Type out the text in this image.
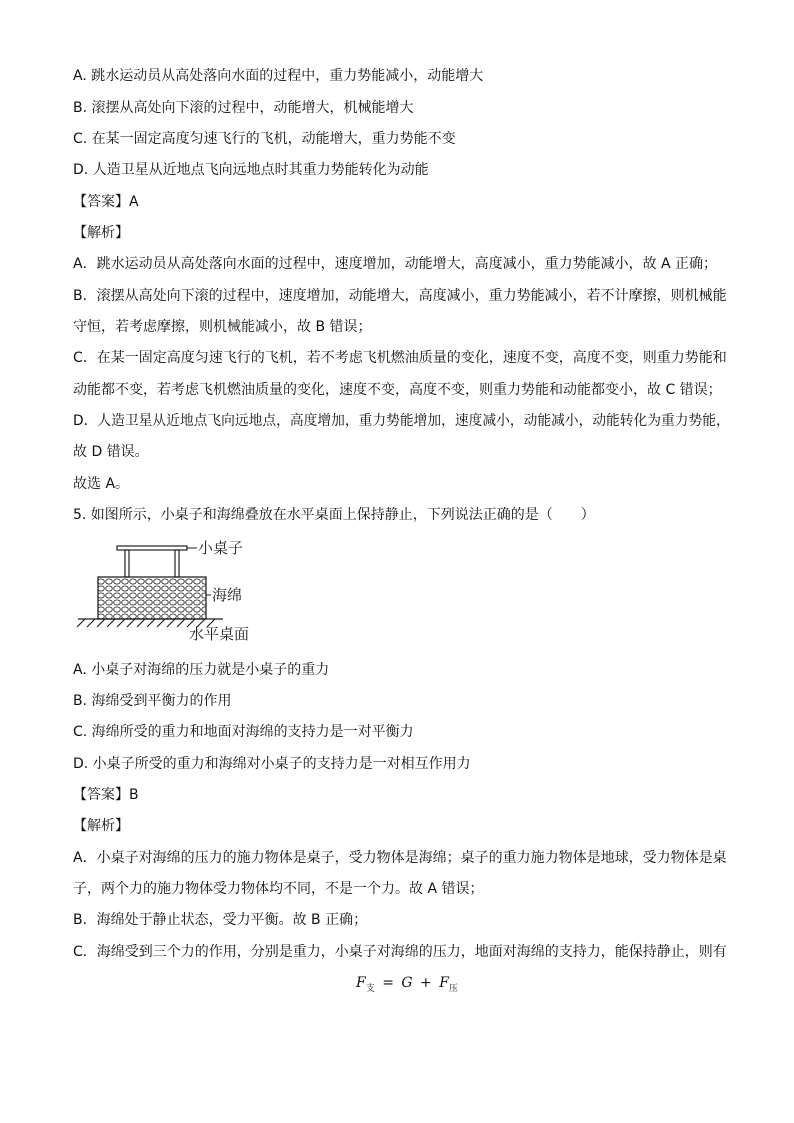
A. 跳水运动员从高处落向水面的过程中，重力势能减小，动能增大
B. 滚摆从高处向下滚的过程中，动能增大，机械能增大
C. 在某一固定高度匀速飞行的飞机，动能增大，重力势能不变
D. 人造卫星从近地点飞向远地点时其重力势能转化为动能
【答案】A
【解析】
A．跳水运动员从高处落向水面的过程中，速度增加，动能增大，高度减小，重力势能减小，故 A 正确；
B．滚摆从高处向下滚的过程中，速度增加，动能增大，高度减小，重力势能减小，若不计摩擦，则机械能
守恒，若考虑摩擦，则机械能减小，故 B 错误；
C．在某一固定高度匀速飞行的飞机，若不考虑飞机燃油质量的变化，速度不变，高度不变，则重力势能和
动能都不变，若考虑飞机燃油质量的变化，速度不变，高度不变，则重力势能和动能都变小，故 C 错误；
D．人造卫星从近地点飞向远地点，高度增加，重力势能增加，速度减小，动能减小，动能转化为重力势能，
故 D 错误。
故选 A。
5. 如图所示，小桌子和海绵叠放在水平桌面上保持静止，下列说法正确的是（　　）
小桌子
海绵
水平桌面
A. 小桌子对海绵的压力就是小桌子的重力
B. 海绵受到平衡力的作用
C. 海绵所受的重力和地面对海绵的支持力是一对平衡力
D. 小桌子所受的重力和海绵对小桌子的支持力是一对相互作用力
【答案】B
【解析】
A．小桌子对海绵的压力的施力物体是桌子，受力物体是海绵；桌子的重力施力物体是地球，受力物体是桌
子，两个力的施力物体受力物体均不同，不是一个力。故 A 错误；
B．海绵处于静止状态，受力平衡。故 B 正确；
C．海绵受到三个力的作用，分别是重力，小桌子对海绵的压力，地面对海绵的支持力，能保持静止，则有
$F_支 = G + F_压$
